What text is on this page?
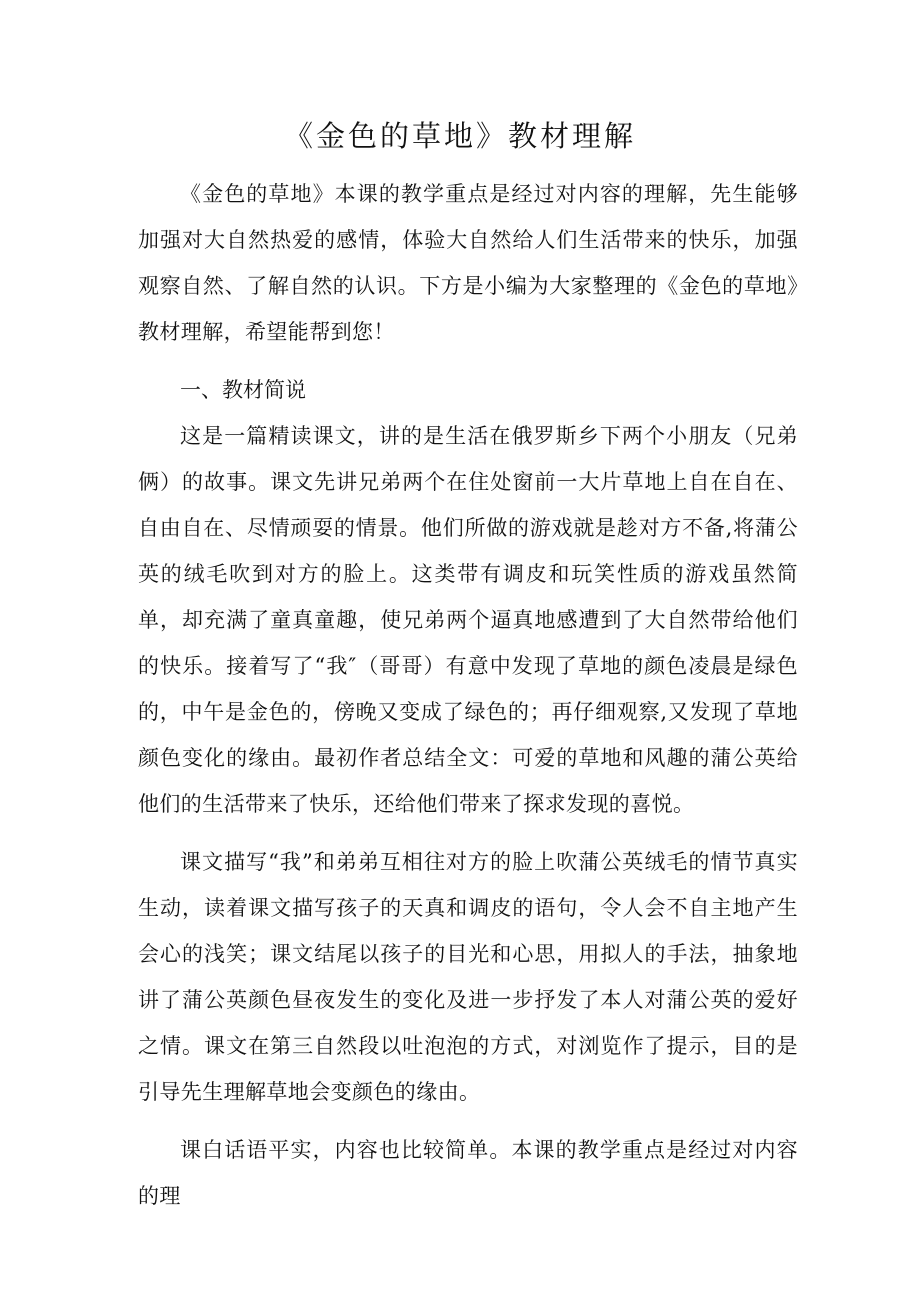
《金色的草地》教材理解

《金色的草地》本课的教学重点是经过对内容的理解，先生能够加强对大自然热爱的感情，体验大自然给人们生活带来的快乐，加强观察自然、了解自然的认识。下方是小编为大家整理的《金色的草地》教材理解，希望能帮到您！

一、教材简说

这是一篇精读课文，讲的是生活在俄罗斯乡下两个小朋友（兄弟俩）的故事。课文先讲兄弟两个在住处窗前一大片草地上自在自在、自由自在、尽情顽耍的情景。他们所做的游戏就是趁对方不备,将蒲公英的绒毛吹到对方的脸上。这类带有调皮和玩笑性质的游戏虽然简单，却充满了童真童趣，使兄弟两个逼真地感遭到了大自然带给他们的快乐。接着写了“我″（哥哥）有意中发现了草地的颜色凌晨是绿色的，中午是金色的，傍晚又变成了绿色的；再仔细观察,又发现了草地颜色变化的缘由。最初作者总结全文：可爱的草地和风趣的蒲公英给他们的生活带来了快乐，还给他们带来了探求发现的喜悦。

课文描写“我”和弟弟互相往对方的脸上吹蒲公英绒毛的情节真实生动，读着课文描写孩子的天真和调皮的语句，令人会不自主地产生会心的浅笑；课文结尾以孩子的目光和心思，用拟人的手法，抽象地讲了蒲公英颜色昼夜发生的变化及进一步抒发了本人对蒲公英的爱好之情。课文在第三自然段以吐泡泡的方式，对浏览作了提示，目的是引导先生理解草地会变颜色的缘由。

课白话语平实，内容也比较简单。本课的教学重点是经过对内容的理
